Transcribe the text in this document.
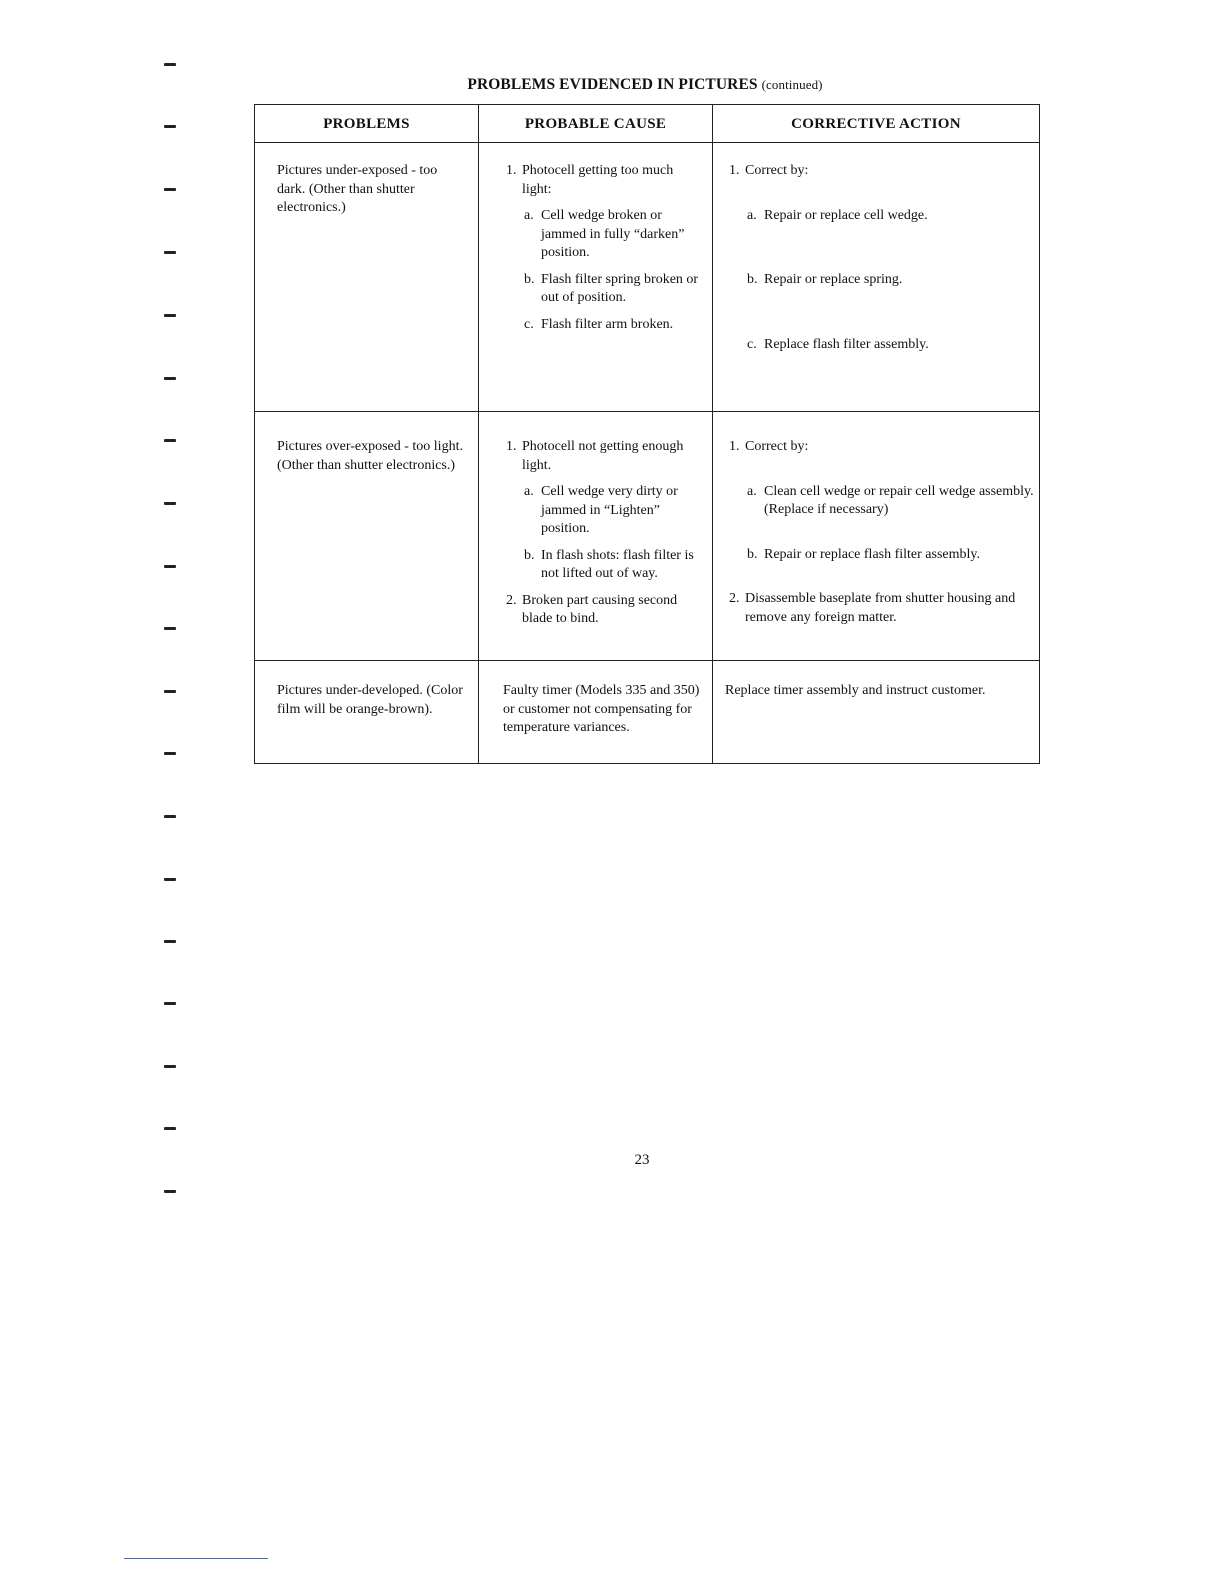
PROBLEMS EVIDENCED IN PICTURES (continued)
PROBLEMS	PROBABLE CAUSE	CORRECTIVE ACTION

Pictures under-exposed - too dark. (Other than shutter electronics.)

1. Photocell getting too much light:
a. Cell wedge broken or jammed in fully “darken” position.
b. Flash filter spring broken or out of position.
c. Flash filter arm broken.
1. Correct by:
a. Repair or replace cell wedge.
b. Repair or replace spring.
c. Replace flash filter assembly.

Pictures over-exposed - too light. (Other than shutter electronics.)

1. Photocell not getting enough light.
a. Cell wedge very dirty or jammed in “Lighten” position.
b. In flash shots: flash filter is not lifted out of way.
2. Broken part causing second blade to bind.
1. Correct by:
a. Clean cell wedge or repair cell wedge assembly. (Replace if necessary)
b. Repair or replace flash filter assembly.
2. Disassemble baseplate from shutter housing and remove any foreign matter.

Pictures under-developed. (Color film will be orange-brown).

Faulty timer (Models 335 and 350) or customer not compensating for temperature variances.

Replace timer assembly and instruct customer.

23
